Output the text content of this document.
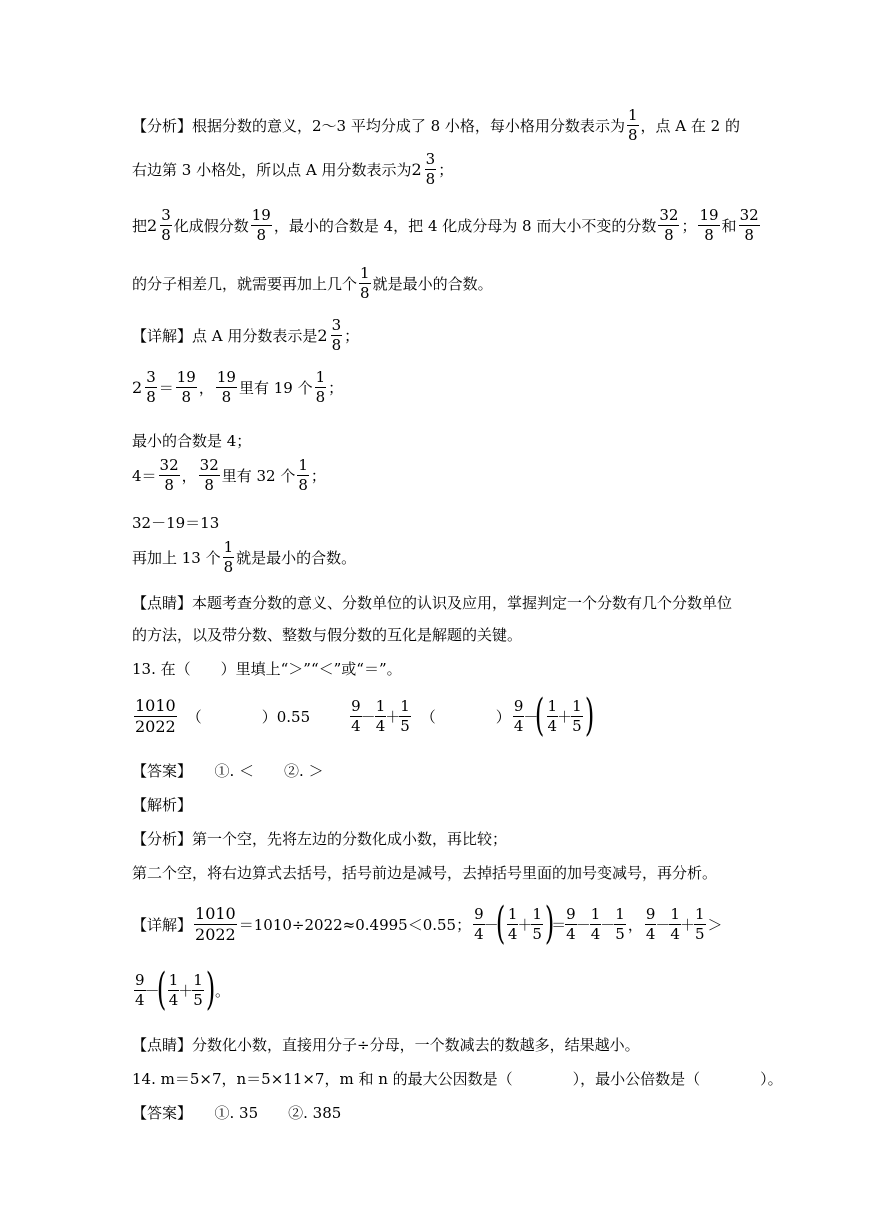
【分析】根据分数的意义，2～3 平均分成了 8 小格，每小格用分数表示为 $\frac{1}{8}$ ，点 A 在 2 的
右边第 3 小格处，所以点 A 用分数表示为 $2 \frac{3}{8}$ ；
把 $2 \frac{3}{8}$ 化成假分数 $\frac{19}{8}$ ，最小的合数是 4，把 4 化成分母为 8 而大小不变的分数 $\frac{32}{8}$ ； $\frac{19}{8}$ 和 $\frac{32}{8}$
的分子相差几，就需要再加上几个 $\frac{1}{8}$ 就是最小的合数。
【详解】点 A 用分数表示是 $2 \frac{3}{8}$ ；
$2 \frac{3}{8} = \frac{19}{8}$ ， $\frac{19}{8}$ 里有 19 个 $\frac{1}{8}$ ；
最小的合数是 4；
$4= \frac{32}{8}$ ， $\frac{32}{8}$ 里有 32 个 $\frac{1}{8}$ ；
32－19＝13
再加上 13 个 $\frac{1}{8}$ 就是最小的合数。
【点睛】本题考查分数的意义、分数单位的认识及应用，掌握判定一个分数有几个分数单位
的方法，以及带分数、整数与假分数的互化是解题的关键。
13. 在（　　）里填上“＞”“＜”或“＝”。
$\frac{1010}{2022}$ （　　　　）0.55	$\frac{9}{4} - \frac{1}{4} + \frac{1}{5}$ （　　　　） $\frac{9}{4}$ －
( $\frac{1}{4} + \frac{1}{5}$ )
【答案】　　①. ＜　　②. ＞
【解析】
【分析】第一个空，先将左边的分数化成小数，再比较；
第二个空，将右边算式去括号，括号前边是减号，去掉括号里面的加号变减号，再分析。
【详解】 $\frac{1010}{2022} =1010\div 2022\approx 0.4995<0.55$； $\frac{9}{4}$ －
( $\frac{1}{4} + \frac{1}{5}$ )
＝ $\frac{9}{4} - \frac{1}{4} - \frac{1}{5}$ ， $\frac{9}{4} - \frac{1}{4} + \frac{1}{5}$ ＞
$\frac{9}{4}$ －
( $\frac{1}{4} + \frac{1}{5}$ ) 。
【点睛】分数化小数，直接用分子÷分母，一个数减去的数越多，结果越小。
14. m＝5×7，n＝5×11×7，m 和 n 的最大公因数是（　　　　），最小公倍数是（　　　　）。
【答案】　　①. 35　　②. 385
